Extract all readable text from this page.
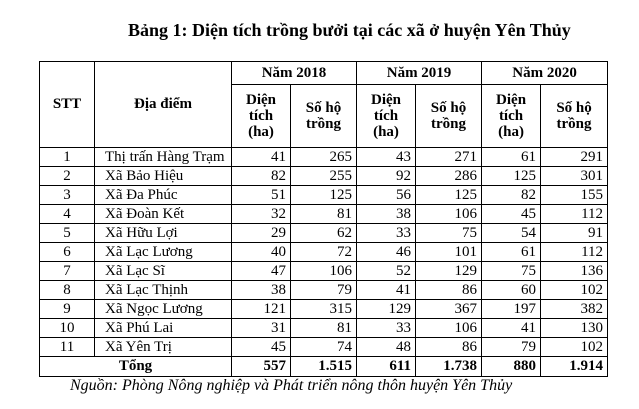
Bảng 1: Diện tích trồng bưởi tại các xã ở huyện Yên Thủy
STT	Địa điểm	Năm 2018		Năm 2019		Năm 2020	
		Diện tích (ha)	Số hộ trồng	Diện tích (ha)	Số hộ trồng	Diện tích (ha)	Số hộ trồng
1	Thị trấn Hàng Trạm	41	265	43	271	61	291
2	Xã Bảo Hiệu	82	255	92	286	125	301
3	Xã Đa Phúc	51	125	56	125	82	155
4	Xã Đoàn Kết	32	81	38	106	45	112
5	Xã Hữu Lợi	29	62	33	75	54	91
6	Xã Lạc Lương	40	72	46	101	61	112
7	Xã Lạc Sĩ	47	106	52	129	75	136
8	Xã Lạc Thịnh	38	79	41	86	60	102
9	Xã Ngọc Lương	121	315	129	367	197	382
10	Xã Phú Lai	31	81	33	106	41	130
11	Xã Yên Trị	45	74	48	86	79	102
Tổng		557	1.515	611	1.738	880	1.914
Nguồn: Phòng Nông nghiệp và Phát triển nông thôn huyện Yên Thủy
